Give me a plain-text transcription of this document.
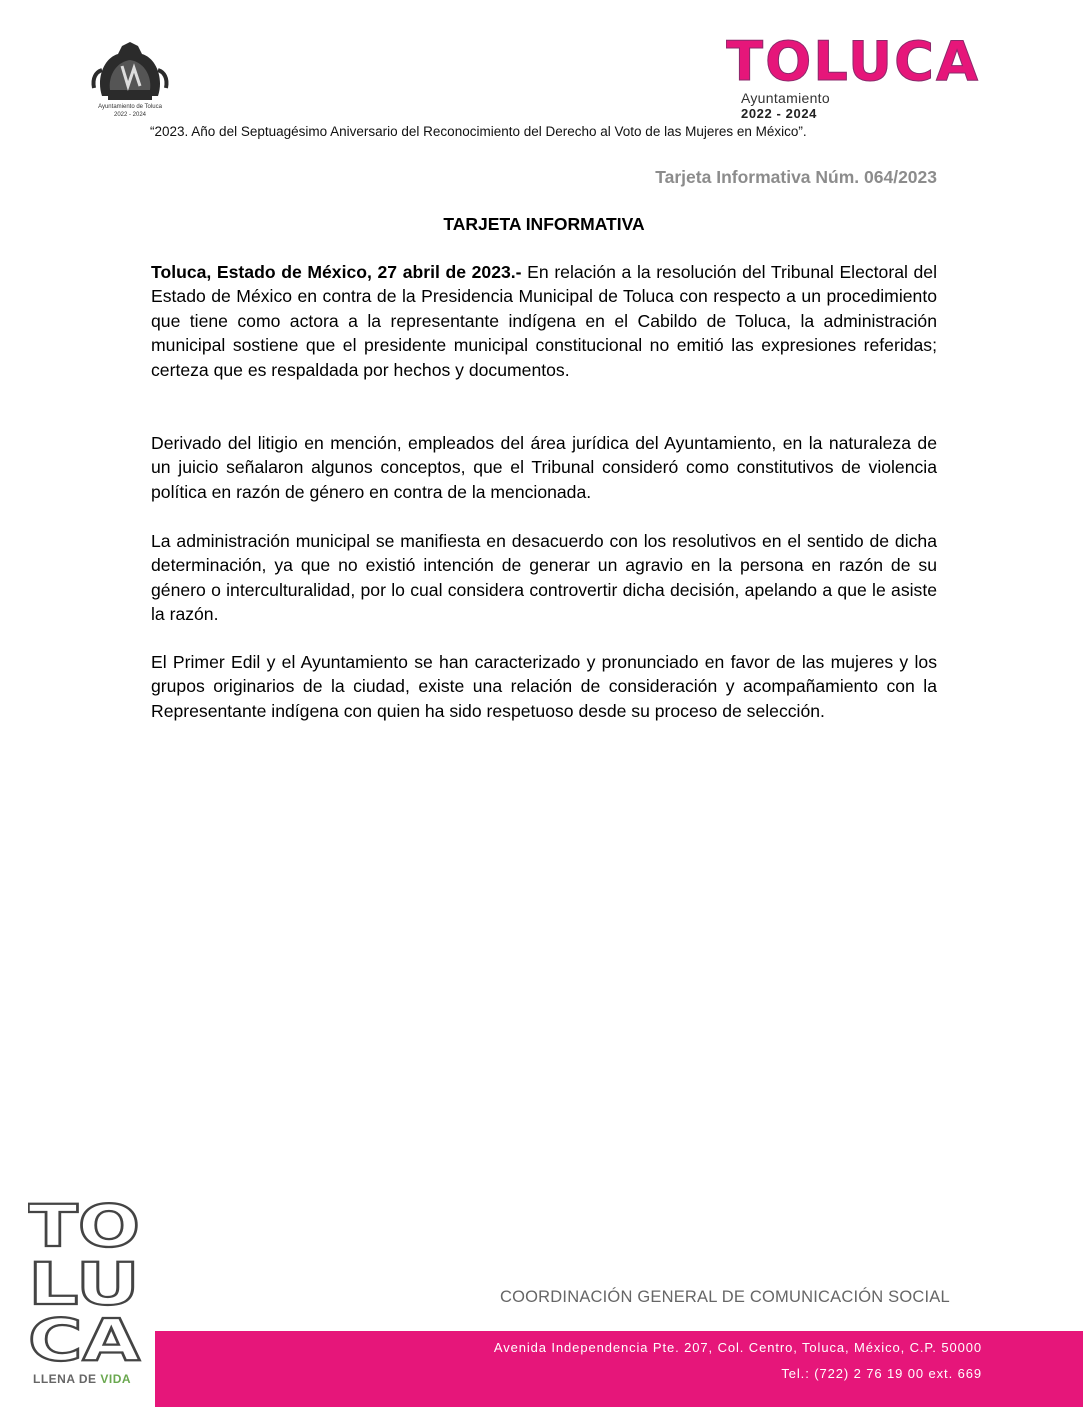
Ayuntamiento de Toluca
2022 - 2024
TOLUCA
Ayuntamiento
2022 - 2024
“2023. Año del Septuagésimo Aniversario del Reconocimiento del Derecho al Voto de las Mujeres en México”.
Tarjeta Informativa Núm. 064/2023
TARJETA INFORMATIVA

Toluca, Estado de México, 27 abril de 2023.- En relación a la resolución del Tribunal Electoral del Estado de México en contra de la Presidencia Municipal de Toluca con respecto a un procedimiento que tiene como actora a la representante indígena en el Cabildo de Toluca, la administración municipal sostiene que el presidente municipal constitucional no emitió las expresiones referidas; certeza que es respaldada por hechos y documentos.

Derivado del litigio en mención, empleados del área jurídica del Ayuntamiento, en la naturaleza de un juicio señalaron algunos conceptos, que el Tribunal consideró como constitutivos de violencia política en razón de género en contra de la mencionada.

La administración municipal se manifiesta en desacuerdo con los resolutivos en el sentido de dicha determinación, ya que no existió intención de generar un agravio en la persona en razón de su género o interculturalidad, por lo cual considera controvertir dicha decisión, apelando a que le asiste la razón.

El Primer Edil y el Ayuntamiento se han caracterizado y pronunciado en favor de las mujeres y los grupos originarios de la ciudad, existe una relación de consideración y acompañamiento con la Representante indígena con quien ha sido respetuoso desde su proceso de selección.

TO
LU
CA
LLENA DE VIDA
COORDINACIÓN GENERAL DE COMUNICACIÓN SOCIAL
Avenida Independencia Pte. 207, Col. Centro, Toluca, México, C.P. 50000
Tel.: (722) 2 76 19 00 ext. 669
